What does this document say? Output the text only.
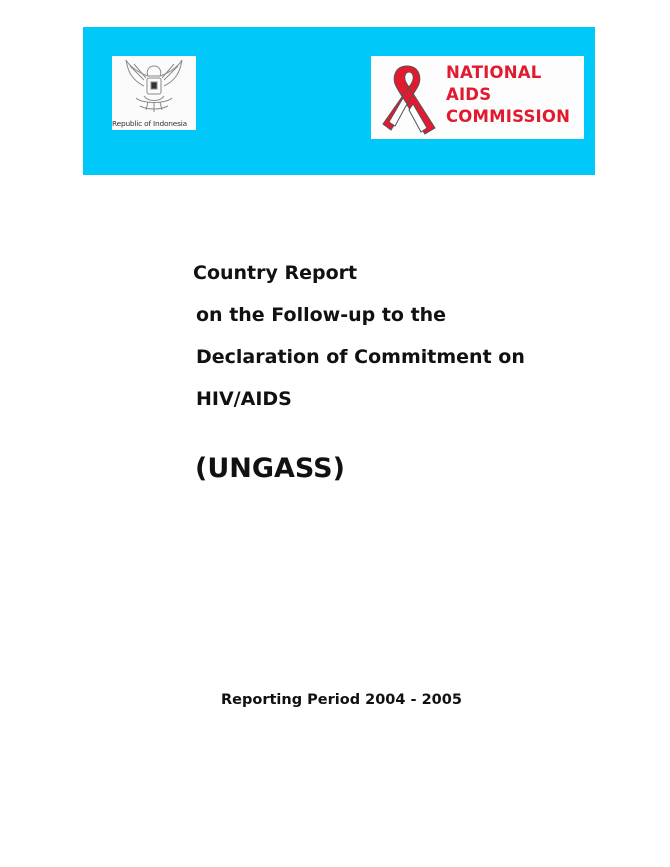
Republic of Indonesia
NATIONAL
AIDS
COMMISSION
Country Report
on the Follow-up to the
Declaration of Commitment on
HIV/AIDS
(UNGASS)
Reporting Period 2004 - 2005
